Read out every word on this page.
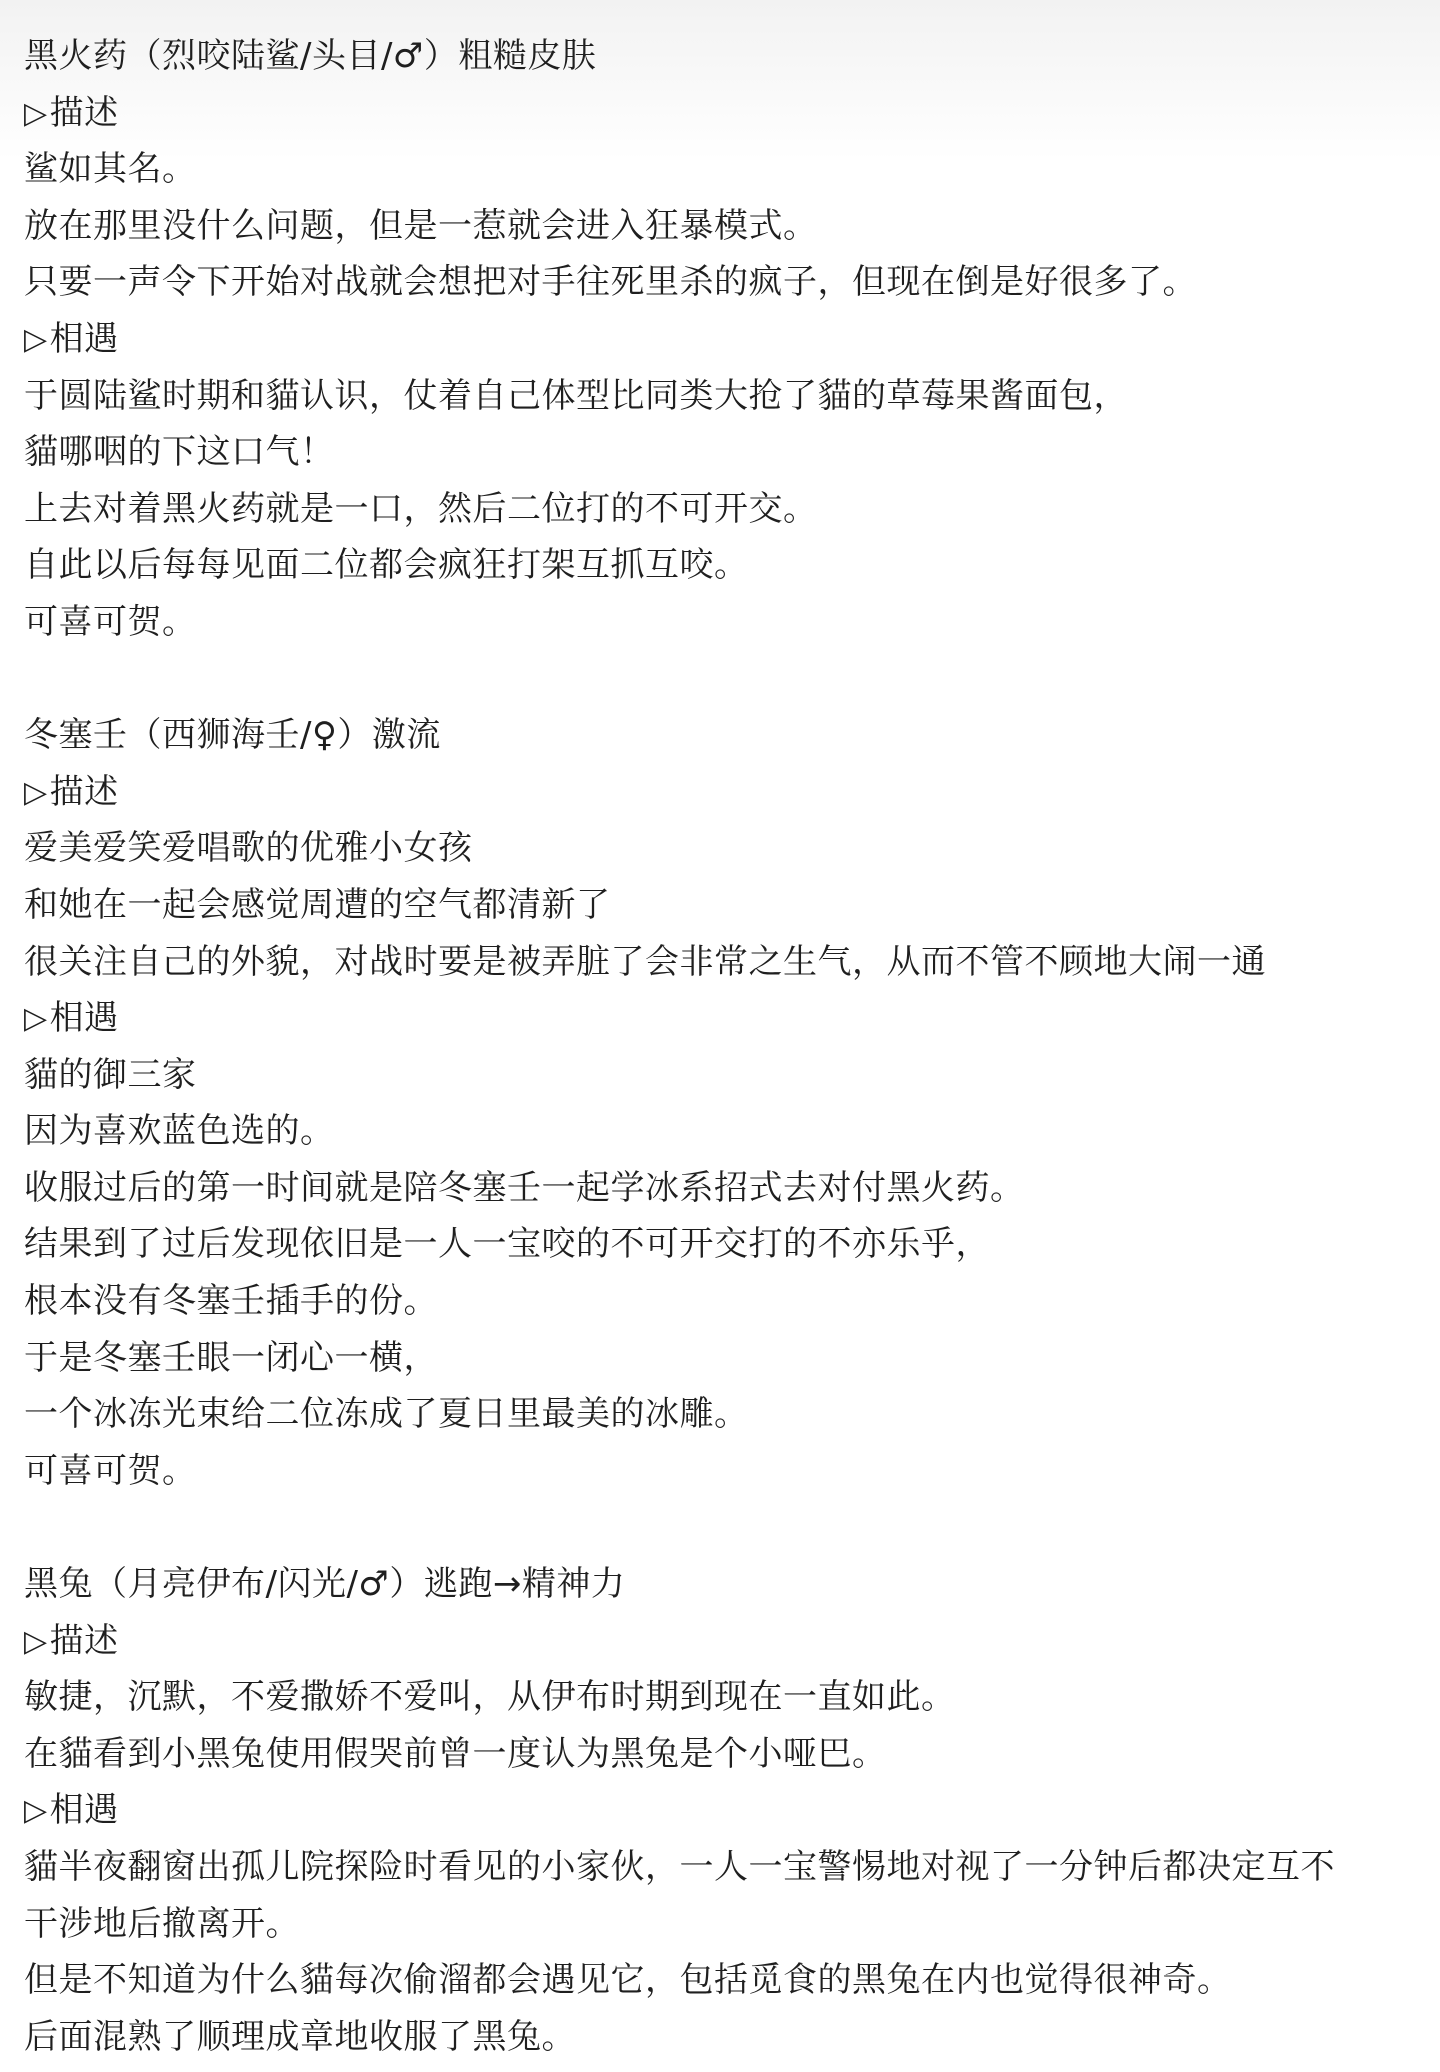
黑火药（烈咬陆鲨/头目/♂）粗糙皮肤
▷描述
鲨如其名。
放在那里没什么问题，但是一惹就会进入狂暴模式。
只要一声令下开始对战就会想把对手往死里杀的疯子，但现在倒是好很多了。
▷相遇
于圆陆鲨时期和貓认识，仗着自己体型比同类大抢了貓的草莓果酱面包，
貓哪咽的下这口气！
上去对着黑火药就是一口，然后二位打的不可开交。
自此以后每每见面二位都会疯狂打架互抓互咬。
可喜可贺。
冬塞壬（西狮海壬/♀）激流
▷描述
爱美爱笑爱唱歌的优雅小女孩
和她在一起会感觉周遭的空气都清新了
很关注自己的外貌，对战时要是被弄脏了会非常之生气，从而不管不顾地大闹一通
▷相遇
貓的御三家
因为喜欢蓝色选的。
收服过后的第一时间就是陪冬塞壬一起学冰系招式去对付黑火药。
结果到了过后发现依旧是一人一宝咬的不可开交打的不亦乐乎，
根本没有冬塞壬插手的份。
于是冬塞壬眼一闭心一横，
一个冰冻光束给二位冻成了夏日里最美的冰雕。
可喜可贺。
黑兔（月亮伊布/闪光/♂）逃跑→精神力
▷描述
敏捷，沉默，不爱撒娇不爱叫，从伊布时期到现在一直如此。
在貓看到小黑兔使用假哭前曾一度认为黑兔是个小哑巴。
▷相遇
貓半夜翻窗出孤儿院探险时看见的小家伙，一人一宝警惕地对视了一分钟后都决定互不
干涉地后撤离开。
但是不知道为什么貓每次偷溜都会遇见它，包括觅食的黑兔在内也觉得很神奇。
后面混熟了顺理成章地收服了黑兔。
